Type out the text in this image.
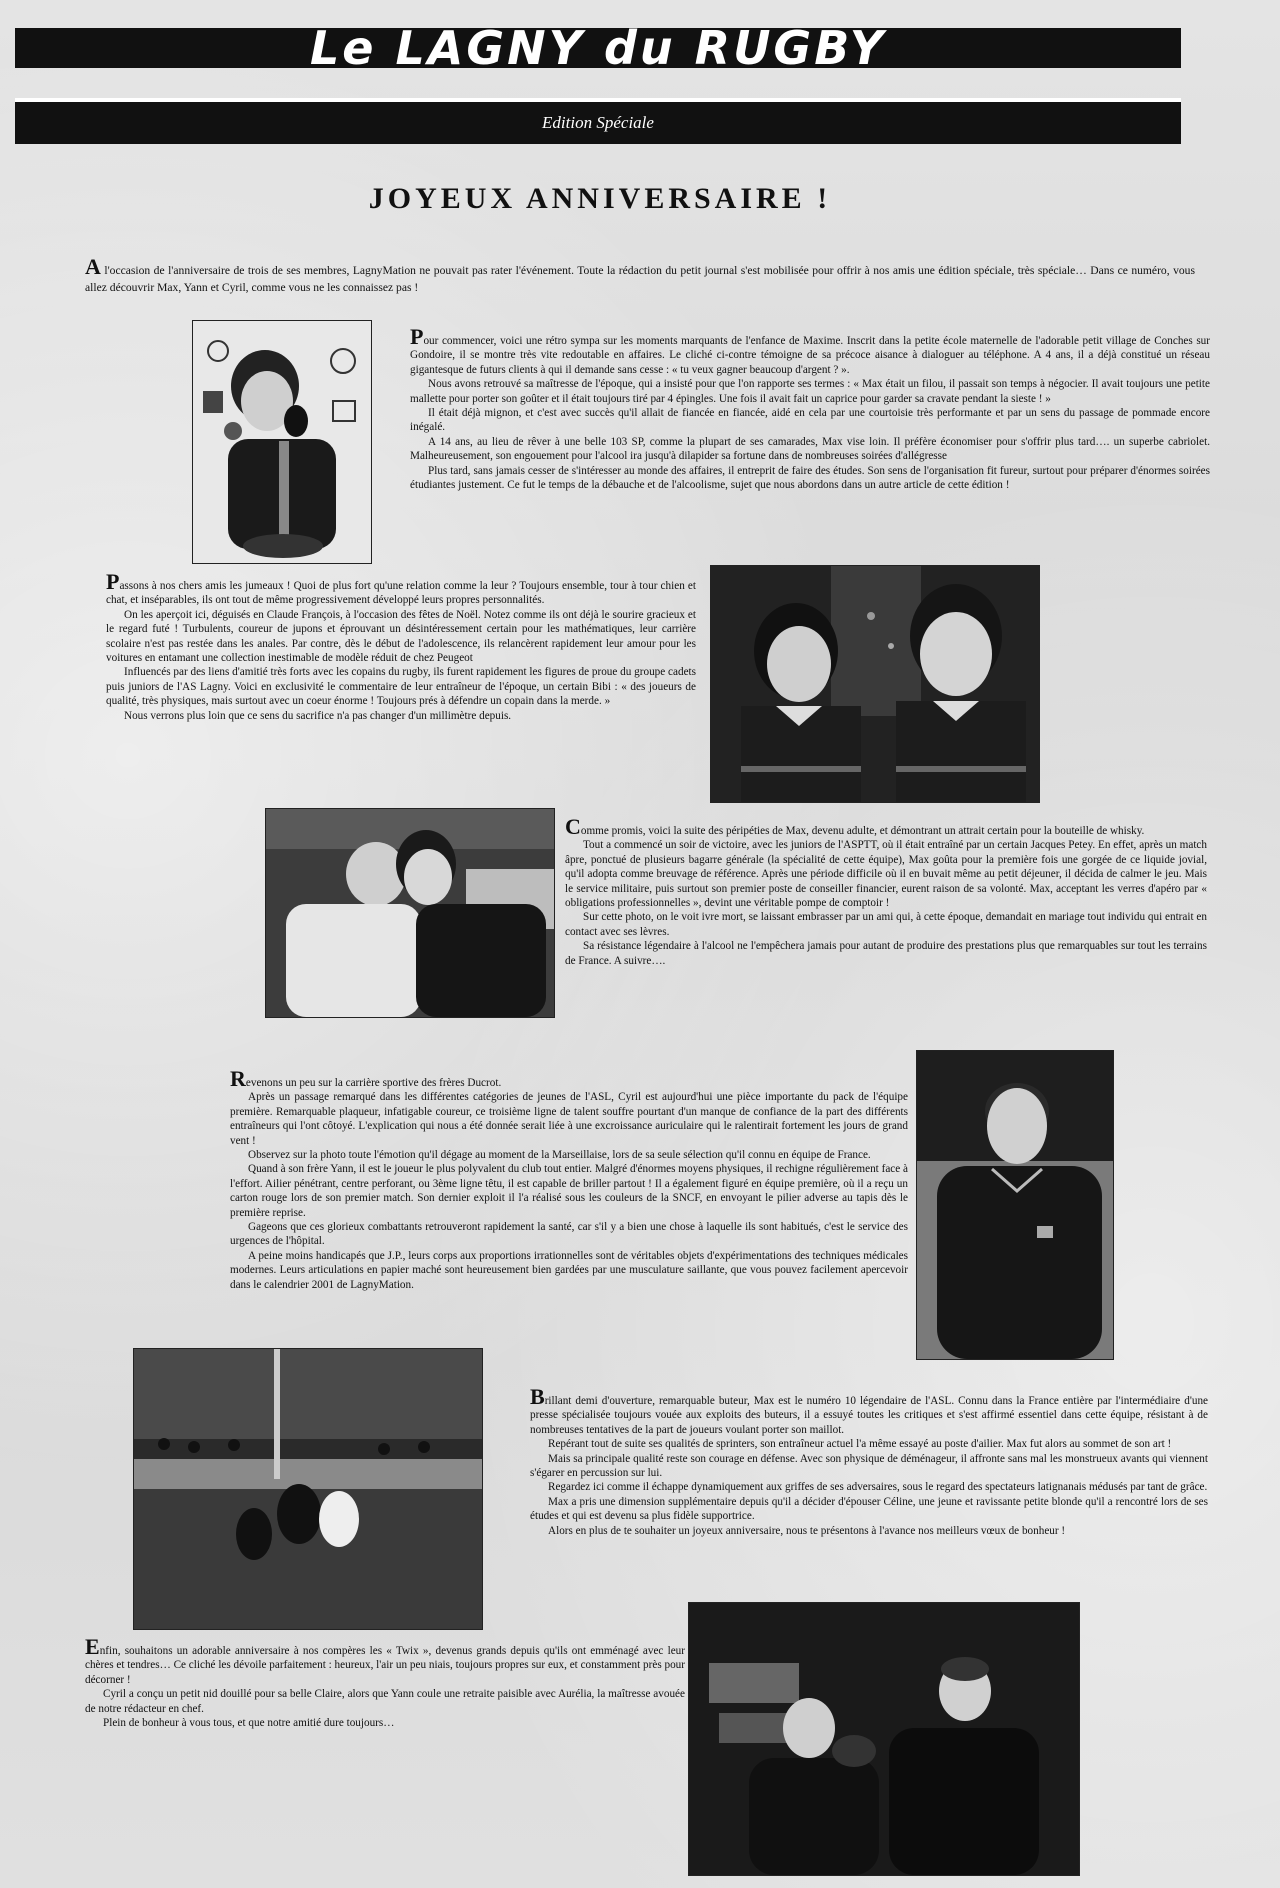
Le LAGNY du RUGBY
Edition Spéciale
JOYEUX ANNIVERSAIRE !

A l'occasion de l'anniversaire de trois de ses membres, LagnyMation ne pouvait pas rater l'événement. Toute la rédaction du petit journal s'est mobilisée pour offrir à nos amis une édition spéciale, très spéciale… Dans ce numéro, vous allez découvrir Max, Yann et Cyril, comme vous ne les connaissez pas !

Pour commencer, voici une rétro sympa sur les moments marquants de l'enfance de Maxime. Inscrit dans la petite école maternelle de l'adorable petit village de Conches sur Gondoire, il se montre très vite redoutable en affaires. Le cliché ci-contre témoigne de sa précoce aisance à dialoguer au téléphone. A 4 ans, il a déjà constitué un réseau gigantesque de futurs clients à qui il demande sans cesse : « tu veux gagner beaucoup d'argent ? ».

Nous avons retrouvé sa maîtresse de l'époque, qui a insisté pour que l'on rapporte ses termes : « Max était un filou, il passait son temps à négocier. Il avait toujours une petite mallette pour porter son goûter et il était toujours tiré par 4 épingles. Une fois il avait fait un caprice pour garder sa cravate pendant la sieste ! »

Il était déjà mignon, et c'est avec succès qu'il allait de fiancée en fiancée, aidé en cela par une courtoisie très performante et par un sens du passage de pommade encore inégalé.

A 14 ans, au lieu de rêver à une belle 103 SP, comme la plupart de ses camarades, Max vise loin. Il préfère économiser pour s'offrir plus tard…. un superbe cabriolet. Malheureusement, son engouement pour l'alcool ira jusqu'à dilapider sa fortune dans de nombreuses soirées d'allégresse

Plus tard, sans jamais cesser de s'intéresser au monde des affaires, il entreprit de faire des études. Son sens de l'organisation fit fureur, surtout pour préparer d'énormes soirées étudiantes justement. Ce fut le temps de la débauche et de l'alcoolisme, sujet que nous abordons dans un autre article de cette édition !

Passons à nos chers amis les jumeaux ! Quoi de plus fort qu'une relation comme la leur ? Toujours ensemble, tour à tour chien et chat, et inséparables, ils ont tout de même progressivement développé leurs propres personnalités.

On les aperçoit ici, déguisés en Claude François, à l'occasion des fêtes de Noël. Notez comme ils ont déjà le sourire gracieux et le regard futé ! Turbulents, coureur de jupons et éprouvant un désintéressement certain pour les mathématiques, leur carrière scolaire n'est pas restée dans les anales. Par contre, dès le début de l'adolescence, ils relancèrent rapidement leur amour pour les voitures en entamant une collection inestimable de modèle réduit de chez Peugeot

Influencés par des liens d'amitié très forts avec les copains du rugby, ils furent rapidement les figures de proue du groupe cadets puis juniors de l'AS Lagny. Voici en exclusivité le commentaire de leur entraîneur de l'époque, un certain Bibi : « des joueurs de qualité, très physiques, mais surtout avec un coeur énorme ! Toujours prés à défendre un copain dans la merde. »

Nous verrons plus loin que ce sens du sacrifice n'a pas changer d'un millimètre depuis.

Comme promis, voici la suite des péripéties de Max, devenu adulte, et démontrant un attrait certain pour la bouteille de whisky.

Tout a commencé un soir de victoire, avec les juniors de l'ASPTT, où il était entraîné par un certain Jacques Petey. En effet, après un match âpre, ponctué de plusieurs bagarre générale (la spécialité de cette équipe), Max goûta pour la première fois une gorgée de ce liquide jovial, qu'il adopta comme breuvage de référence. Après une période difficile où il en buvait même au petit déjeuner, il décida de calmer le jeu. Mais le service militaire, puis surtout son premier poste de conseiller financier, eurent raison de sa volonté. Max, acceptant les verres d'apéro par « obligations professionnelles », devint une véritable pompe de comptoir !

Sur cette photo, on le voit ivre mort, se laissant embrasser par un ami qui, à cette époque, demandait en mariage tout individu qui entrait en contact avec ses lèvres.

Sa résistance légendaire à l'alcool ne l'empêchera jamais pour autant de produire des prestations plus que remarquables sur tout les terrains de France. A suivre….

Revenons un peu sur la carrière sportive des frères Ducrot.

Après un passage remarqué dans les différentes catégories de jeunes de l'ASL, Cyril est aujourd'hui une pièce importante du pack de l'équipe première. Remarquable plaqueur, infatigable coureur, ce troisième ligne de talent souffre pourtant d'un manque de confiance de la part des différents entraîneurs qui l'ont côtoyé. L'explication qui nous a été donnée serait liée à une excroissance auriculaire qui le ralentirait fortement les jours de grand vent !

Observez sur la photo toute l'émotion qu'il dégage au moment de la Marseillaise, lors de sa seule sélection qu'il connu en équipe de France.

Quand à son frère Yann, il est le joueur le plus polyvalent du club tout entier. Malgré d'énormes moyens physiques, il rechigne régulièrement face à l'effort. Ailier pénétrant, centre perforant, ou 3ème ligne têtu, il est capable de briller partout ! Il a également figuré en équipe première, où il a reçu un carton rouge lors de son premier match. Son dernier exploit il l'a réalisé sous les couleurs de la SNCF, en envoyant le pilier adverse au tapis dès le première reprise.

Gageons que ces glorieux combattants retrouveront rapidement la santé, car s'il y a bien une chose à laquelle ils sont habitués, c'est le service des urgences de l'hôpital.

A peine moins handicapés que J.P., leurs corps aux proportions irrationnelles sont de véritables objets d'expérimentations des techniques médicales modernes. Leurs articulations en papier maché sont heureusement bien gardées par une musculature saillante, que vous pouvez facilement apercevoir dans le calendrier 2001 de LagnyMation.

Brillant demi d'ouverture, remarquable buteur, Max est le numéro 10 légendaire de l'ASL. Connu dans la France entière par l'intermédiaire d'une presse spécialisée toujours vouée aux exploits des buteurs, il a essuyé toutes les critiques et s'est affirmé essentiel dans cette équipe, résistant à de nombreuses tentatives de la part de joueurs voulant porter son maillot.

Repérant tout de suite ses qualités de sprinters, son entraîneur actuel l'a même essayé au poste d'ailier. Max fut alors au sommet de son art !

Mais sa principale qualité reste son courage en défense. Avec son physique de déménageur, il affronte sans mal les monstrueux avants qui viennent s'égarer en percussion sur lui.

Regardez ici comme il échappe dynamiquement aux griffes de ses adversaires, sous le regard des spectateurs latignanais médusés par tant de grâce.

Max a pris une dimension supplémentaire depuis qu'il a décider d'épouser Céline, une jeune et ravissante petite blonde qu'il a rencontré lors de ses études et qui est devenu sa plus fidèle supportrice.

Alors en plus de te souhaiter un joyeux anniversaire, nous te présentons à l'avance nos meilleurs vœux de bonheur !

Enfin, souhaitons un adorable anniversaire à nos compères les « Twix », devenus grands depuis qu'ils ont emménagé avec leur chères et tendres… Ce cliché les dévoile parfaitement : heureux, l'air un peu niais, toujours propres sur eux, et constamment près pour décorner !

Cyril a conçu un petit nid douillé pour sa belle Claire, alors que Yann coule une retraite paisible avec Aurélia, la maîtresse avouée de notre rédacteur en chef.

Plein de bonheur à vous tous, et que notre amitié dure toujours…
